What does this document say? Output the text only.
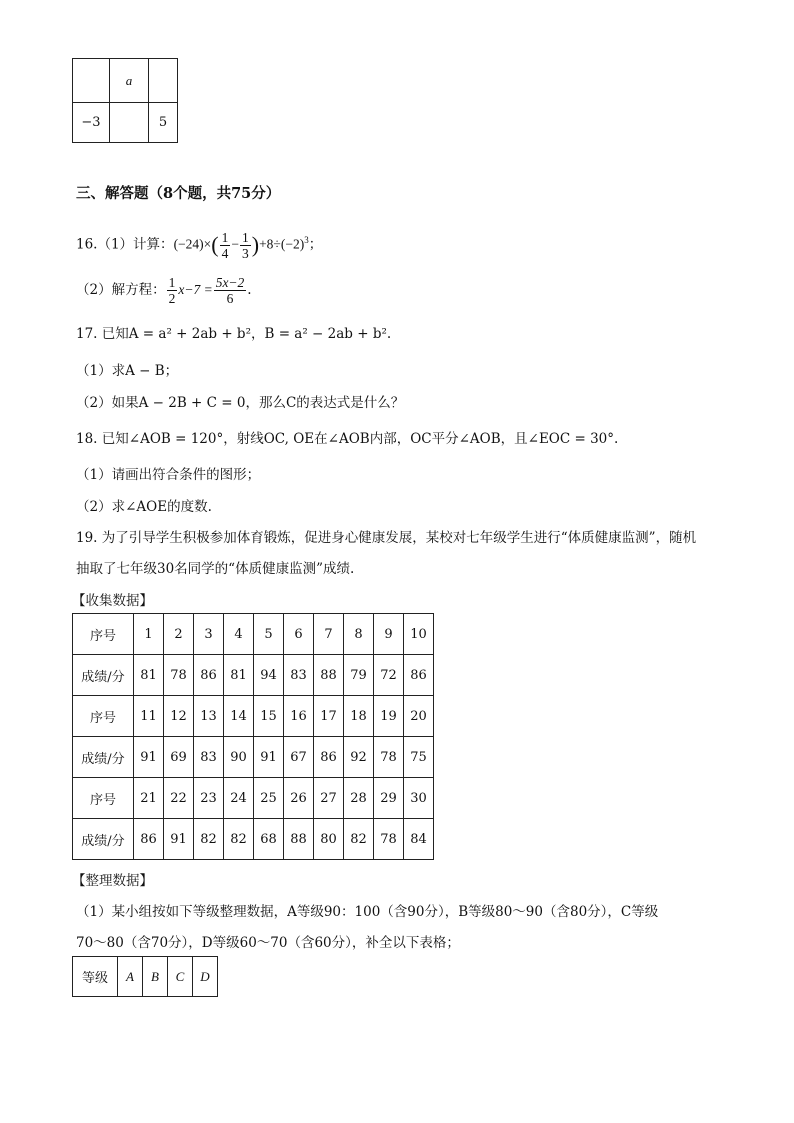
	a	
−3		5
三、解答题（8个题，共75分）
16.（1）计算：$(-24)\times( \frac{1}{4} - \frac{1}{3} )+8\div(-2)^3$；
（2）解方程： $\frac{1}{2} x-7 = \frac{5x-2}{6}$ .
17. 已知A = a² + 2ab + b²，B = a² − 2ab + b².
（1）求A − B；
（2）如果A − 2B + C = 0，那么C的表达式是什么？
18. 已知∠AOB = 120°，射线OC, OE在∠AOB内部，OC平分∠AOB，且∠EOC = 30°.
（1）请画出符合条件的图形；
（2）求∠AOE的度数.
19. 为了引导学生积极参加体育锻炼，促进身心健康发展，某校对七年级学生进行“体质健康监测”，随机
抽取了七年级30名同学的“体质健康监测”成绩.
【收集数据】
序号	1	2	3	4	5	6	7	8	9	10
成绩/分	81	78	86	81	94	83	88	79	72	86
序号	11	12	13	14	15	16	17	18	19	20
成绩/分	91	69	83	90	91	67	86	92	78	75
序号	21	22	23	24	25	26	27	28	29	30
成绩/分	86	91	82	82	68	88	80	82	78	84
【整理数据】
（1）某小组按如下等级整理数据，A等级90：100（含90分），B等级80～90（含80分），C等级
70～80（含70分），D等级60～70（含60分），补全以下表格；
等级	A	B	C	D
